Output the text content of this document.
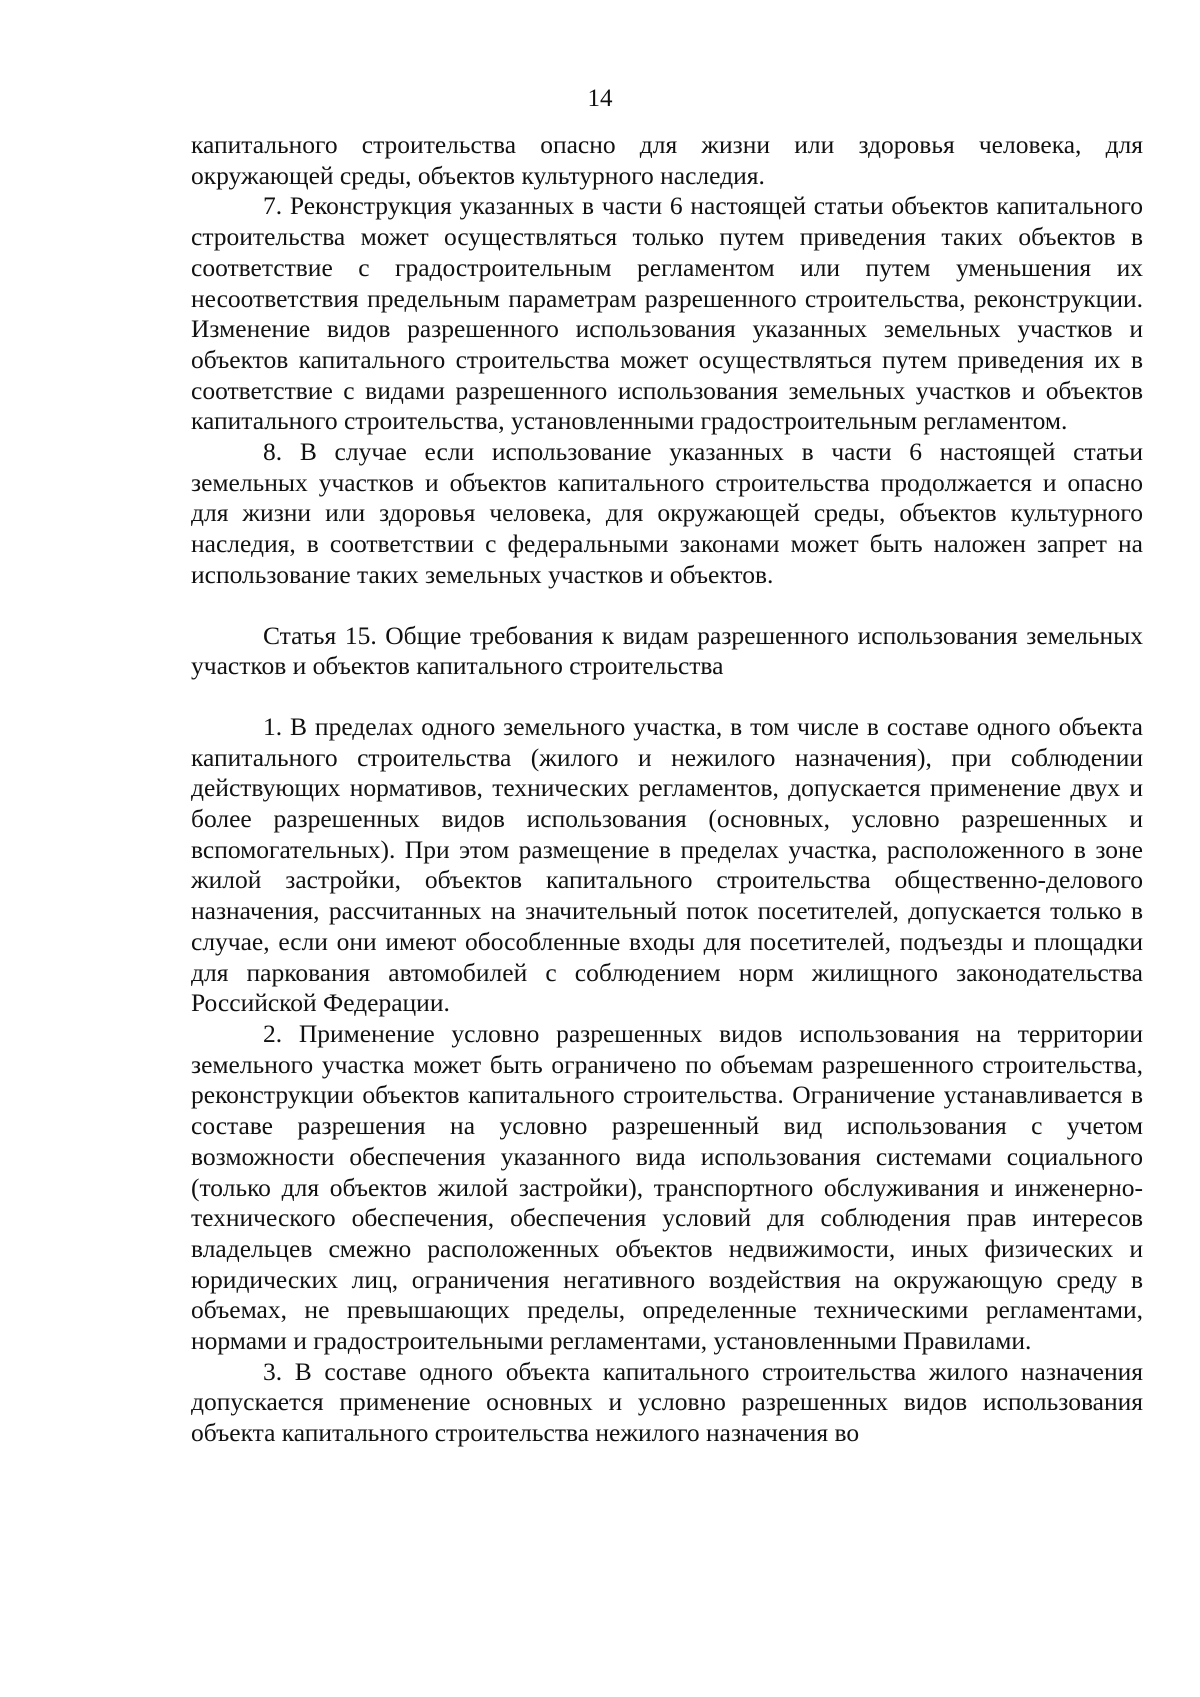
14

капитального строительства опасно для жизни или здоровья человека, для окружающей среды, объектов культурного наследия.

7. Реконструкция указанных в части 6 настоящей статьи объектов капитального строительства может осуществляться только путем приведения таких объектов в соответствие с градостроительным регламентом или путем уменьшения их несоответствия предельным параметрам разрешенного строительства, реконструкции. Изменение видов разрешенного использования указанных земельных участков и объектов капитального строительства может осуществляться путем приведения их в соответствие с видами разрешенного использования земельных участков и объектов капитального строительства, установленными градостроительным регламентом.

8. В случае если использование указанных в части 6 настоящей статьи земельных участков и объектов капитального строительства продолжается и опасно для жизни или здоровья человека, для окружающей среды, объектов культурного наследия, в соответствии с федеральными законами может быть наложен запрет на использование таких земельных участков и объектов.

Статья 15. Общие требования к видам разрешенного использования земельных участков и объектов капитального строительства

1. В пределах одного земельного участка, в том числе в составе одного объекта капитального строительства (жилого и нежилого назначения), при соблюдении действующих нормативов, технических регламентов, допускается применение двух и более разрешенных видов использования (основных, условно разрешенных и вспомогательных). При этом размещение в пределах участка, расположенного в зоне жилой застройки, объектов капитального строительства общественно-делового назначения, рассчитанных на значительный поток посетителей, допускается только в случае, если они имеют обособленные входы для посетителей, подъезды и площадки для паркования автомобилей с соблюдением норм жилищного законодательства Российской Федерации.

2. Применение условно разрешенных видов использования на территории земельного участка может быть ограничено по объемам разрешенного строительства, реконструкции объектов капитального строительства. Ограничение устанавливается в составе разрешения на условно разрешенный вид использования с учетом возможности обеспечения указанного вида использования системами социального (только для объектов жилой застройки), транспортного обслуживания и инженерно-технического обеспечения, обеспечения условий для соблюдения прав интересов владельцев смежно расположенных объектов недвижимости, иных физических и юридических лиц, ограничения негативного воздействия на окружающую среду в объемах, не превышающих пределы, определенные техническими регламентами, нормами и градостроительными регламентами, установленными Правилами.

3. В составе одного объекта капитального строительства жилого назначения допускается применение основных и условно разрешенных видов использования объекта капитального строительства нежилого назначения во
